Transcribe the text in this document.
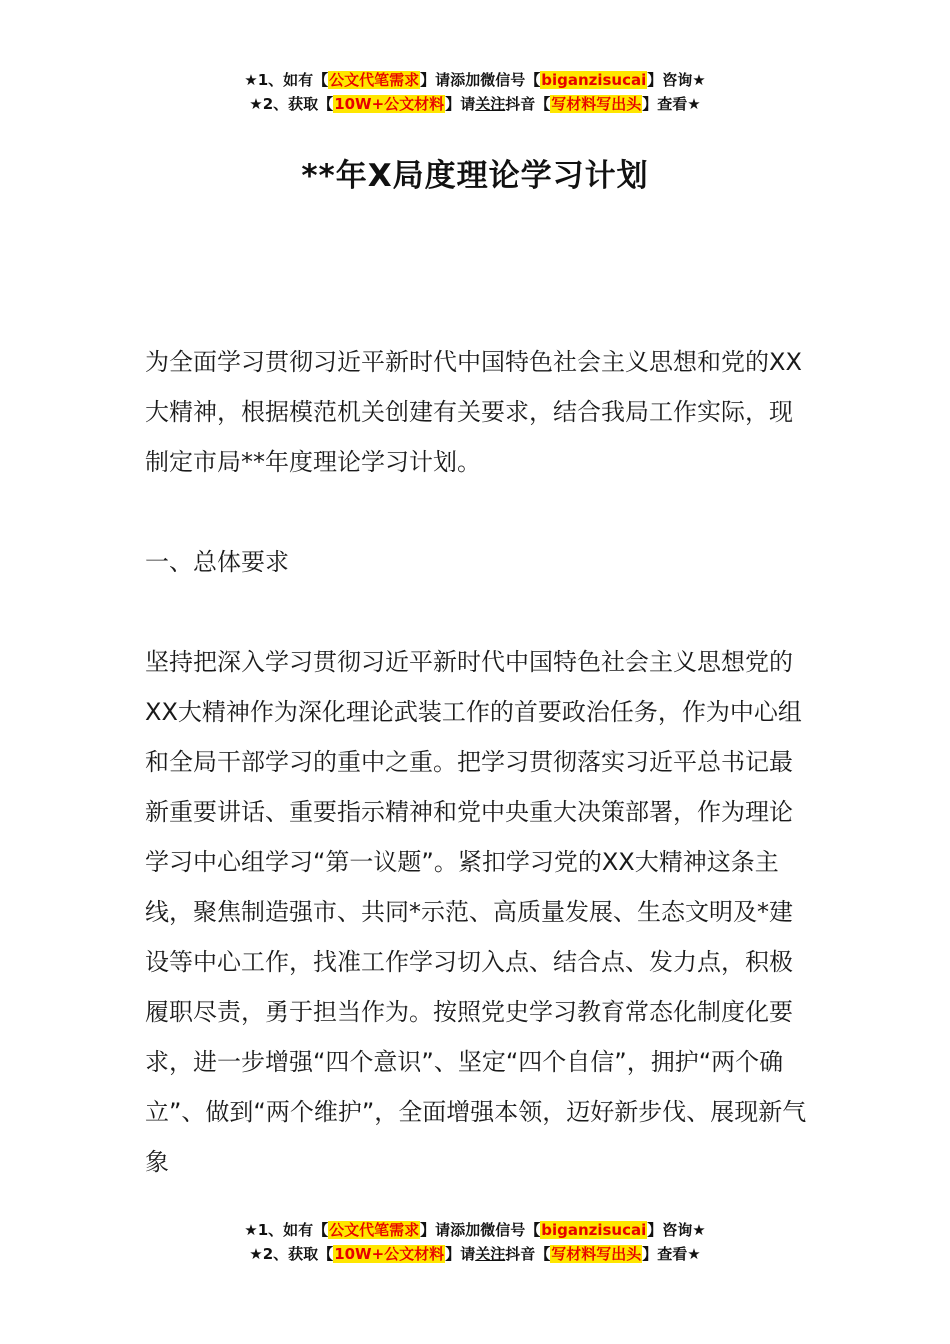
★1、如有【公文代笔需求】请添加微信号【biganzisucai】咨询★
★2、获取【10W+公文材料】请关注抖音【写材料写出头】查看★
**年X局度理论学习计划

为全面学习贯彻习近平新时代中国特色社会主义思想和党的XX大精神，根据模范机关创建有关要求，结合我局工作实际，现制定市局**年度理论学习计划。

一、总体要求

坚持把深入学习贯彻习近平新时代中国特色社会主义思想党的XX大精神作为深化理论武装工作的首要政治任务，作为中心组和全局干部学习的重中之重。把学习贯彻落实习近平总书记最新重要讲话、重要指示精神和党中央重大决策部署，作为理论学习中心组学习“第一议题”。紧扣学习党的XX大精神这条主线，聚焦制造强市、共同*示范、高质量发展、生态文明及*建设等中心工作，找准工作学习切入点、结合点、发力点，积极履职尽责，勇于担当作为。按照党史学习教育常态化制度化要求，进一步增强“四个意识”、坚定“四个自信”，拥护“两个确立”、做到“两个维护”，全面增强本领，迈好新步伐、展现新气象

★1、如有【公文代笔需求】请添加微信号【biganzisucai】咨询★
★2、获取【10W+公文材料】请关注抖音【写材料写出头】查看★
